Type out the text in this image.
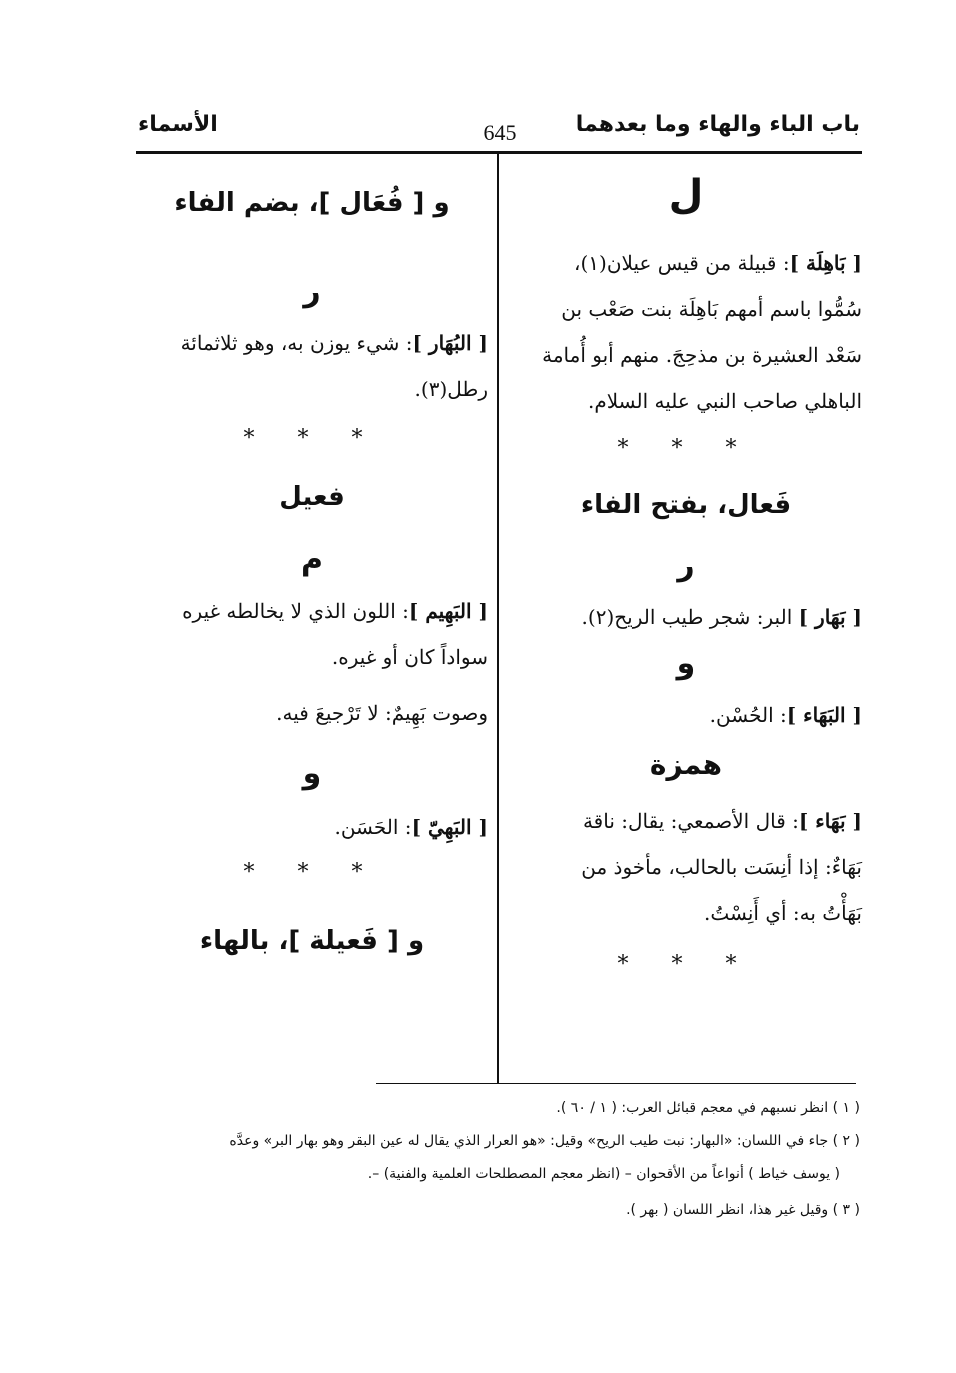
باب الباء والهاء وما بعدهما
645
الأسماء
ل
[ بَاهِلَة ]: قبيلة من قيس عيلان(١)،
سُمُّوا باسم أمهم بَاهِلَة بنت صَعْب بن
سَعْد العشيرة بن مذحِجَ. منهم أبو أُمامة
الباهلي صاحب النبي عليه السلام.
* * *
فَعال، بفتح الفاء
ر
[ بَهَار ] البر: شجر طيب الريح(٢).
و
[ البَهَاء ]: الحُسْن.
همزة
[ بَهَاء ]: قال الأصمعي: يقال: ناقة
بَهَاءٌ: إذا أنِسَت بالحالب، مأخوذ من
بَهَأْتُ به: أي أَنِسْتُ.
* * *
و [ فُعَال ]، بضم الفاء
ر
[ البُهَار ]: شيء يوزن به، وهو ثلاثمائة
رطل(٣).
* * *
فعيل
م
[ البَهِيم ]: اللون الذي لا يخالطه غيره
سواداً كان أو غيره.
وصوت بَهِيمٌ: لا تَرْجيعَ فيه.
و
[ البَهِيّ ]: الحَسَن.
* * *
و [ فَعيلة ]، بالهاء
( ١ ) انظر نسبهم في معجم قبائل العرب: ( ١ / ٦٠ ).
( ٢ ) جاء في اللسان: «البهار: نبت طيب الريح» وقيل: «هو العرار الذي يقال له عين البقر وهو بهار البر» وعدَّه
( يوسف خياط ) أنواعاً من الأقحوان – (انظر معجم المصطلحات العلمية والفنية) –.
( ٣ ) وقيل غير هذا، انظر اللسان ( بهر ).
